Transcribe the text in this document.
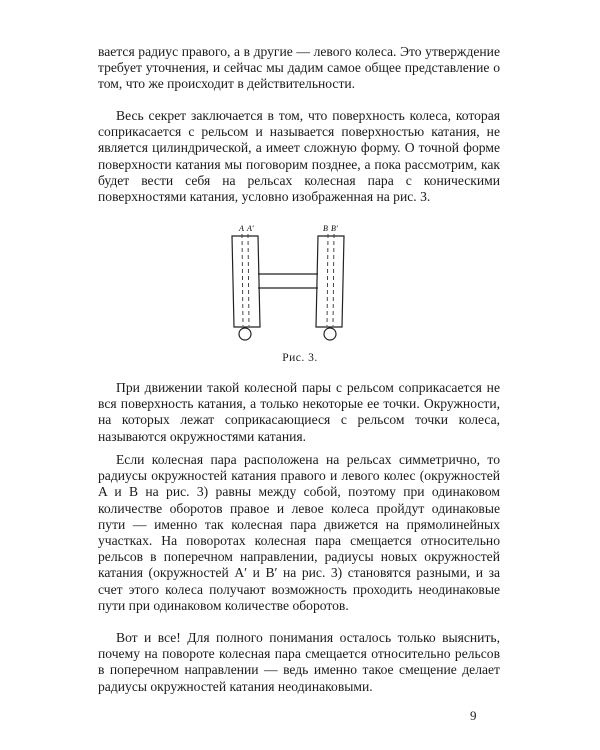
вается радиус правого, а в другие — левого колеса. Это утверждение требует уточнения, и сейчас мы дадим самое общее представление о том, что же происходит в действительности.

Весь секрет заключается в том, что поверхность колеса, которая соприкасается с рельсом и называется поверхностью катания, не является цилиндрической, а имеет сложную форму. О точной форме поверхности катания мы поговорим позднее, а пока рассмотрим, как будет вести себя на рельсах колесная пара с коническими поверхностями катания, условно изображенная на рис. 3.

A A′	B B′
Рис. 3.

При движении такой колесной пары с рельсом соприкасается не вся поверхность катания, а только некоторые ее точки. Окружности, на которых лежат соприкасающиеся с рельсом точки колеса, называются окружностями катания.

Если колесная пара расположена на рельсах симметрично, то радиусы окружностей катания правого и левого колес (окружностей A и B на рис. 3) равны между собой, поэтому при одинаковом количестве оборотов правое и левое колеса пройдут одинаковые пути — именно так колесная пара движется на прямолинейных участках. На поворотах колесная пара смещается относительно рельсов в поперечном направлении, радиусы новых окружностей катания (окружностей A′ и B′ на рис. 3) становятся разными, и за счет этого колеса получают возможность проходить неодинаковые пути при одинаковом количестве оборотов.

Вот и все! Для полного понимания осталось только выяснить, почему на повороте колесная пара смещается относительно рельсов в поперечном направлении — ведь именно такое смещение делает радиусы окружностей катания неодинаковыми.

9
